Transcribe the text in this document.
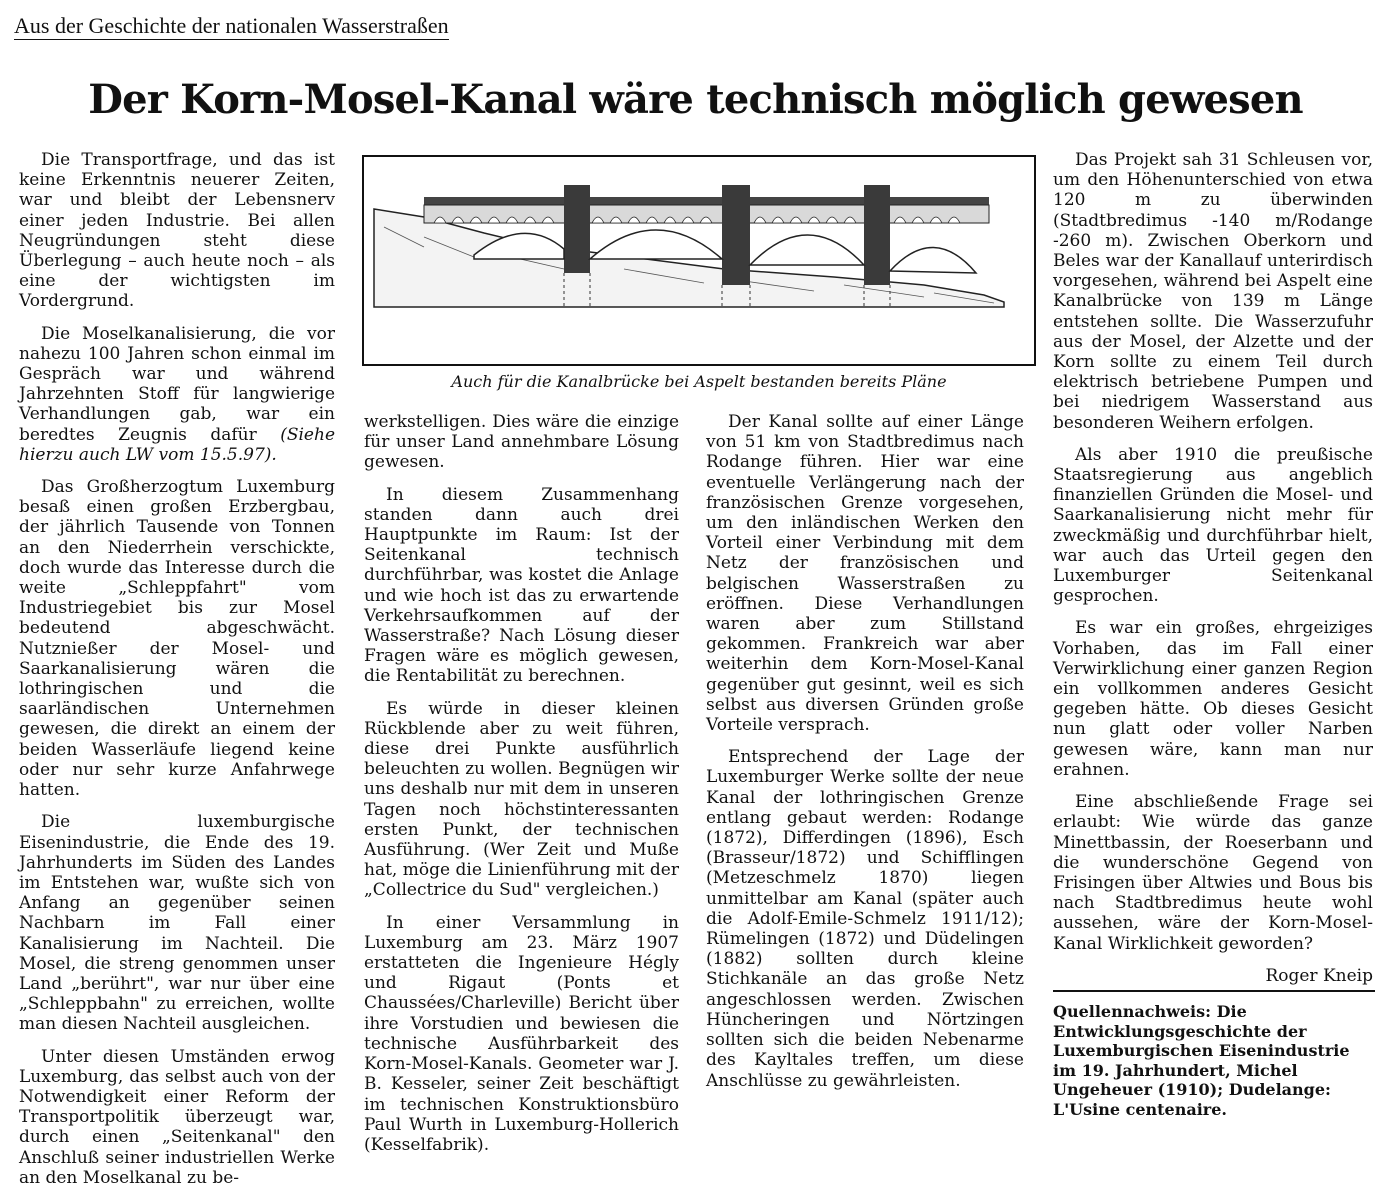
Aus der Geschichte der nationalen Wasserstraßen
Der Korn-Mosel-Kanal wäre technisch möglich gewesen

Die Transportfrage, und das ist keine Erkenntnis neuerer Zeiten, war und bleibt der Lebensnerv einer jeden Industrie. Bei allen Neugründungen steht diese Überlegung – auch heute noch – als eine der wichtigsten im Vordergrund.

Die Moselkanalisierung, die vor nahezu 100 Jahren schon einmal im Gespräch war und während Jahrzehnten Stoff für langwierige Verhandlungen gab, war ein beredtes Zeugnis dafür (Siehe hierzu auch LW vom 15.5.97).

Das Großherzogtum Luxemburg besaß einen großen Erzbergbau, der jährlich Tausende von Tonnen an den Niederrhein verschickte, doch wurde das Interesse durch die weite „Schleppfahrt" vom Industriegebiet bis zur Mosel bedeutend abgeschwächt. Nutznießer der Mosel- und Saarkanalisierung wären die lothringischen und die saarländischen Unternehmen gewesen, die direkt an einem der beiden Wasserläufe liegend keine oder nur sehr kurze Anfahrwege hatten.

Die luxemburgische Eisenindustrie, die Ende des 19. Jahrhunderts im Süden des Landes im Entstehen war, wußte sich von Anfang an gegenüber seinen Nachbarn im Fall einer Kanalisierung im Nachteil. Die Mosel, die streng genommen unser Land „berührt", war nur über eine „Schleppbahn" zu erreichen, wollte man diesen Nachteil ausgleichen.

Unter diesen Umständen erwog Luxemburg, das selbst auch von der Notwendigkeit einer Reform der Transportpolitik überzeugt war, durch einen „Seitenkanal" den Anschluß seiner industriellen Werke an den Moselkanal zu be-

Auch für die Kanalbrücke bei Aspelt bestanden bereits Pläne

werkstelligen. Dies wäre die einzige für unser Land annehmbare Lösung gewesen.

In diesem Zusammenhang standen dann auch drei Hauptpunkte im Raum: Ist der Seitenkanal technisch durchführbar, was kostet die Anlage und wie hoch ist das zu erwartende Verkehrsaufkommen auf der Wasserstraße? Nach Lösung dieser Fragen wäre es möglich gewesen, die Rentabilität zu berechnen.

Es würde in dieser kleinen Rückblende aber zu weit führen, diese drei Punkte ausführlich beleuchten zu wollen. Begnügen wir uns deshalb nur mit dem in unseren Tagen noch höchstinteressanten ersten Punkt, der technischen Ausführung. (Wer Zeit und Muße hat, möge die Linienführung mit der „Collectrice du Sud" vergleichen.)

In einer Versammlung in Luxemburg am 23. März 1907 erstatteten die Ingenieure Hégly und Rigaut (Ponts et Chaussées/Charleville) Bericht über ihre Vorstudien und bewiesen die technische Ausführbarkeit des Korn-Mosel-Kanals. Geometer war J. B. Kesseler, seiner Zeit beschäftigt im technischen Konstruktionsbüro Paul Wurth in Luxemburg-Hollerich (Kesselfabrik).

Der Kanal sollte auf einer Länge von 51 km von Stadtbredimus nach Rodange führen. Hier war eine eventuelle Verlängerung nach der französischen Grenze vorgesehen, um den inländischen Werken den Vorteil einer Verbindung mit dem Netz der französischen und belgischen Wasserstraßen zu eröffnen. Diese Verhandlungen waren aber zum Stillstand gekommen. Frankreich war aber weiterhin dem Korn-Mosel-Kanal gegenüber gut gesinnt, weil es sich selbst aus diversen Gründen große Vorteile versprach.

Entsprechend der Lage der Luxemburger Werke sollte der neue Kanal der lothringischen Grenze entlang gebaut werden: Rodange (1872), Differdingen (1896), Esch (Brasseur/1872) und Schifflingen (Metzeschmelz 1870) liegen unmittelbar am Kanal (später auch die Adolf-Emile-Schmelz 1911/12); Rümelingen (1872) und Düdelingen (1882) sollten durch kleine Stichkanäle an das große Netz angeschlossen werden. Zwischen Hüncheringen und Nörtzingen sollten sich die beiden Nebenarme des Kayltales treffen, um diese Anschlüsse zu gewährleisten.

Das Projekt sah 31 Schleusen vor, um den Höhenunterschied von etwa 120 m zu überwinden (Stadtbredimus -140 m/Rodange -260 m). Zwischen Oberkorn und Beles war der Kanallauf unterirdisch vorgesehen, während bei Aspelt eine Kanalbrücke von 139 m Länge entstehen sollte. Die Wasserzufuhr aus der Mosel, der Alzette und der Korn sollte zu einem Teil durch elektrisch betriebene Pumpen und bei niedrigem Wasserstand aus besonderen Weihern erfolgen.

Als aber 1910 die preußische Staatsregierung aus angeblich finanziellen Gründen die Mosel- und Saarkanalisierung nicht mehr für zweckmäßig und durchführbar hielt, war auch das Urteil gegen den Luxemburger Seitenkanal gesprochen.

Es war ein großes, ehrgeiziges Vorhaben, das im Fall einer Verwirklichung einer ganzen Region ein vollkommen anderes Gesicht gegeben hätte. Ob dieses Gesicht nun glatt oder voller Narben gewesen wäre, kann man nur erahnen.

Eine abschließende Frage sei erlaubt: Wie würde das ganze Minettbassin, der Roeserbann und die wunderschöne Gegend von Frisingen über Altwies und Bous bis nach Stadtbredimus heute wohl aussehen, wäre der Korn-Mosel-Kanal Wirklichkeit geworden?

Roger Kneip

Quellennachweis: Die Entwicklungsgeschichte der Luxemburgischen Eisenindustrie im 19. Jahrhundert, Michel Ungeheuer (1910); Dudelange: L'Usine centenaire.
